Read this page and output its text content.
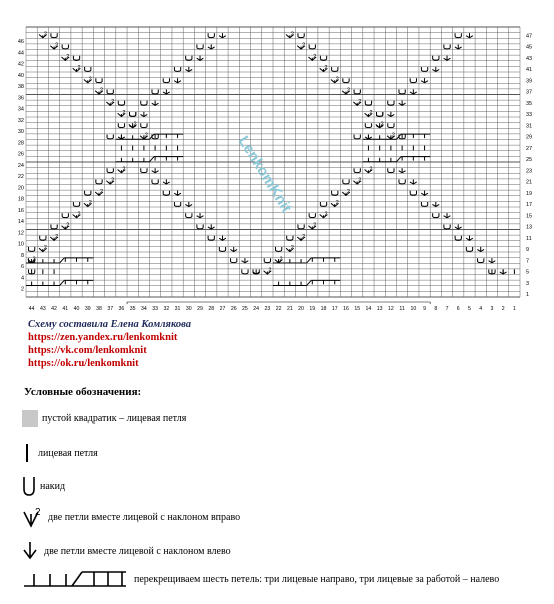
2	2
2	2
2	2
2	2
2	2
2	2
2	2
2	2
2	2
2	2
2	2
2	2
2	2
2	2
2	2
2	2
2	2
2	2
2	2
2
47
45
43
41
39
37
35
33
31
29
27
25
23
21
19
17
15
13
11
9
7
5
3
1
46
44
42
40
38
36
34
32
30
28
26
24
22
20
18
16
14
12
10
8
6
4
2
44 43 42 41 40 39 38 37 36 35 34 33 32 31 30 29 28 27 26 25 24 23 22 21 20 19 18 17 16 15 14 13 12 11 10 9 8 7 6 5 4 3 2 1
LenkomKnit
Схему составила Елена Комлякова
https://zen.yandex.ru/lenkomknit
https://vk.com/lenkomknit
https://ok.ru/lenkomknit
Условные обозначения:
пустой квадратик – лицевая петля
лицевая петля
накид
2 две петли вместе лицевой с наклоном вправо
две петли вместе лицевой с наклоном влево
перекрещиваем шесть петель: три лицевые направо, три лицевые за работой – налево
